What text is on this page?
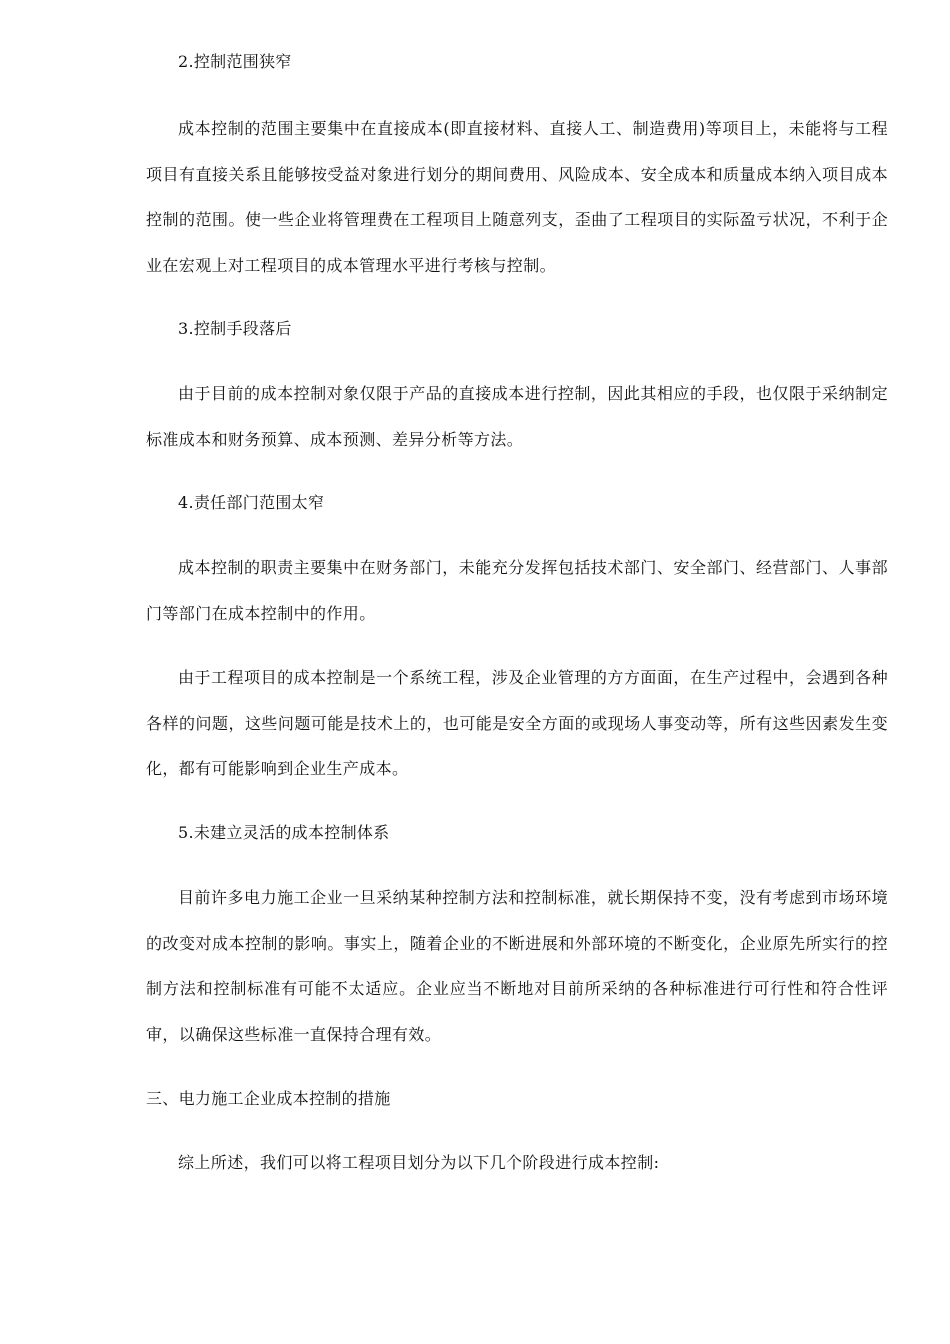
2.控制范围狭窄

成本控制的范围主要集中在直接成本(即直接材料、直接人工、制造费用)等项目上，未能将与工程项目有直接关系且能够按受益对象进行划分的期间费用、风险成本、安全成本和质量成本纳入项目成本控制的范围。使一些企业将管理费在工程项目上随意列支，歪曲了工程项目的实际盈亏状况，不利于企业在宏观上对工程项目的成本管理水平进行考核与控制。

3.控制手段落后

由于目前的成本控制对象仅限于产品的直接成本进行控制，因此其相应的手段，也仅限于采纳制定标准成本和财务预算、成本预测、差异分析等方法。

4.责任部门范围太窄

成本控制的职责主要集中在财务部门，未能充分发挥包括技术部门、安全部门、经营部门、人事部门等部门在成本控制中的作用。

由于工程项目的成本控制是一个系统工程，涉及企业管理的方方面面，在生产过程中，会遇到各种各样的问题，这些问题可能是技术上的，也可能是安全方面的或现场人事变动等，所有这些因素发生变化，都有可能影响到企业生产成本。

5.未建立灵活的成本控制体系

目前许多电力施工企业一旦采纳某种控制方法和控制标准，就长期保持不变，没有考虑到市场环境的改变对成本控制的影响。事实上，随着企业的不断进展和外部环境的不断变化，企业原先所实行的控制方法和控制标准有可能不太适应。企业应当不断地对目前所采纳的各种标准进行可行性和符合性评审，以确保这些标准一直保持合理有效。

三、电力施工企业成本控制的措施

综上所述，我们可以将工程项目划分为以下几个阶段进行成本控制:
